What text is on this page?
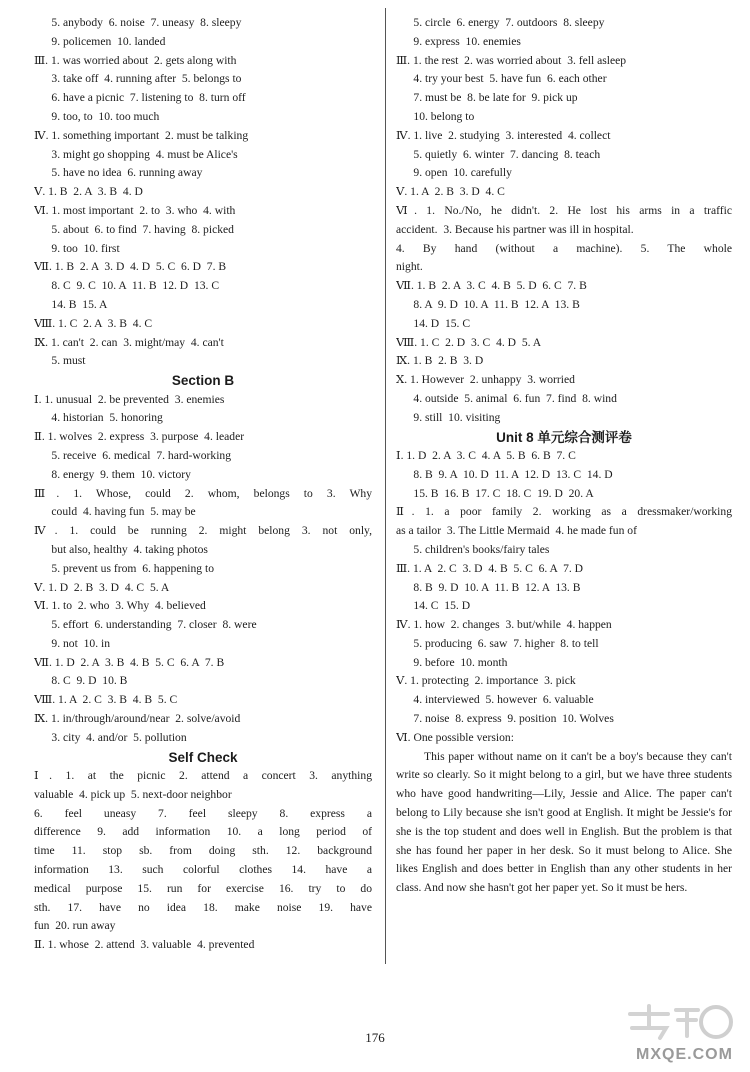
5. anybody  6. noise  7. uneasy  8. sleepy
9. policemen  10. landed
Ⅲ. 1. was worried about  2. gets along with
3. take off  4. running after  5. belongs to
6. have a picnic  7. listening to  8. turn off
9. too, to  10. too much
Ⅳ. 1. something important  2. must be talking
3. might go shopping  4. must be Alice's
5. have no idea  6. running away
Ⅴ. 1. B  2. A  3. B  4. D
Ⅵ. 1. most important  2. to  3. who  4. with
5. about  6. to find  7. having  8. picked
9. too  10. first
Ⅶ. 1. B  2. A  3. D  4. D  5. C  6. D  7. B
8. C  9. C  10. A  11. B  12. D  13. C
14. B  15. A
Ⅷ. 1. C  2. A  3. B  4. C
Ⅸ. 1. can't  2. can  3. might/may  4. can't
5. must
Section B
Ⅰ. 1. unusual  2. be prevented  3. enemies
4. historian  5. honoring
Ⅱ. 1. wolves  2. express  3. purpose  4. leader
5. receive  6. medical  7. hard-working
8. energy  9. them  10. victory
Ⅲ. 1. Whose, could 2. whom, belongs to 3. Why
could  4. having fun  5. may be
Ⅳ. 1. could be running 2. might belong 3. not only,
but also, healthy  4. taking photos
5. prevent us from  6. happening to
Ⅴ. 1. D  2. B  3. D  4. C  5. A
Ⅵ. 1. to  2. who  3. Why  4. believed
5. effort  6. understanding  7. closer  8. were
9. not  10. in
Ⅶ. 1. D  2. A  3. B  4. B  5. C  6. A  7. B
8. C  9. D  10. B
Ⅷ. 1. A  2. C  3. B  4. B  5. C
Ⅸ. 1. in/through/around/near  2. solve/avoid
3. city  4. and/or  5. pollution
Self Check
Ⅰ. 1. at the picnic 2. attend a concert 3. anything
valuable  4. pick up  5. next-door neighbor
6. feel uneasy 7. feel sleepy 8. express a
difference 9. add information 10. a long period of
time 11. stop sb. from doing sth. 12. background
information 13. such colorful clothes 14. have a
medical purpose 15. run for exercise 16. try to do
sth. 17. have no idea 18. make noise 19. have
fun  20. run away
Ⅱ. 1. whose  2. attend  3. valuable  4. prevented
5. circle  6. energy  7. outdoors  8. sleepy
9. express  10. enemies
Ⅲ. 1. the rest  2. was worried about  3. fell asleep
4. try your best  5. have fun  6. each other
7. must be  8. be late for  9. pick up
10. belong to
Ⅳ. 1. live  2. studying  3. interested  4. collect
5. quietly  6. winter  7. dancing  8. teach
9. open  10. carefully
Ⅴ. 1. A  2. B  3. D  4. C
Ⅵ. 1. No./No, he didn't. 2. He lost his arms in a traffic
accident.  3. Because his partner was ill in hospital.
4. By hand (without a machine). 5. The whole
night.
Ⅶ. 1. B  2. A  3. C  4. B  5. D  6. C  7. B
8. A  9. D  10. A  11. B  12. A  13. B
14. D  15. C
Ⅷ. 1. C  2. D  3. C  4. D  5. A
Ⅸ. 1. B  2. B  3. D
Ⅹ. 1. However  2. unhappy  3. worried
4. outside  5. animal  6. fun  7. find  8. wind
9. still  10. visiting
Unit 8 单元综合测评卷
Ⅰ. 1. D  2. A  3. C  4. A  5. B  6. B  7. C
8. B  9. A  10. D  11. A  12. D  13. C  14. D
15. B  16. B  17. C  18. C  19. D  20. A
Ⅱ. 1. a poor family 2. working as a dressmaker/working
as a tailor  3. The Little Mermaid  4. he made fun of
5. children's books/fairy tales
Ⅲ. 1. A  2. C  3. D  4. B  5. C  6. A  7. D
8. B  9. D  10. A  11. B  12. A  13. B
14. C  15. D
Ⅳ. 1. how  2. changes  3. but/while  4. happen
5. producing  6. saw  7. higher  8. to tell
9. before  10. month
Ⅴ. 1. protecting  2. importance  3. pick
4. interviewed  5. however  6. valuable
7. noise  8. express  9. position  10. Wolves
Ⅵ. One possible version:

This paper without name on it can't be a boy's because they can't write so clearly. So it might belong to a girl, but we have three students who have good handwriting—Lily, Jessie and Alice. The paper can't belong to Lily because she isn't good at English. It might be Jessie's for she is the top student and does well in English. But the problem is that she has found her paper in her desk. So it must belong to Alice. She likes English and does better in English than any other students in her class. And now she hasn't got her paper yet. So it must be hers.

176
MXQE.COM
